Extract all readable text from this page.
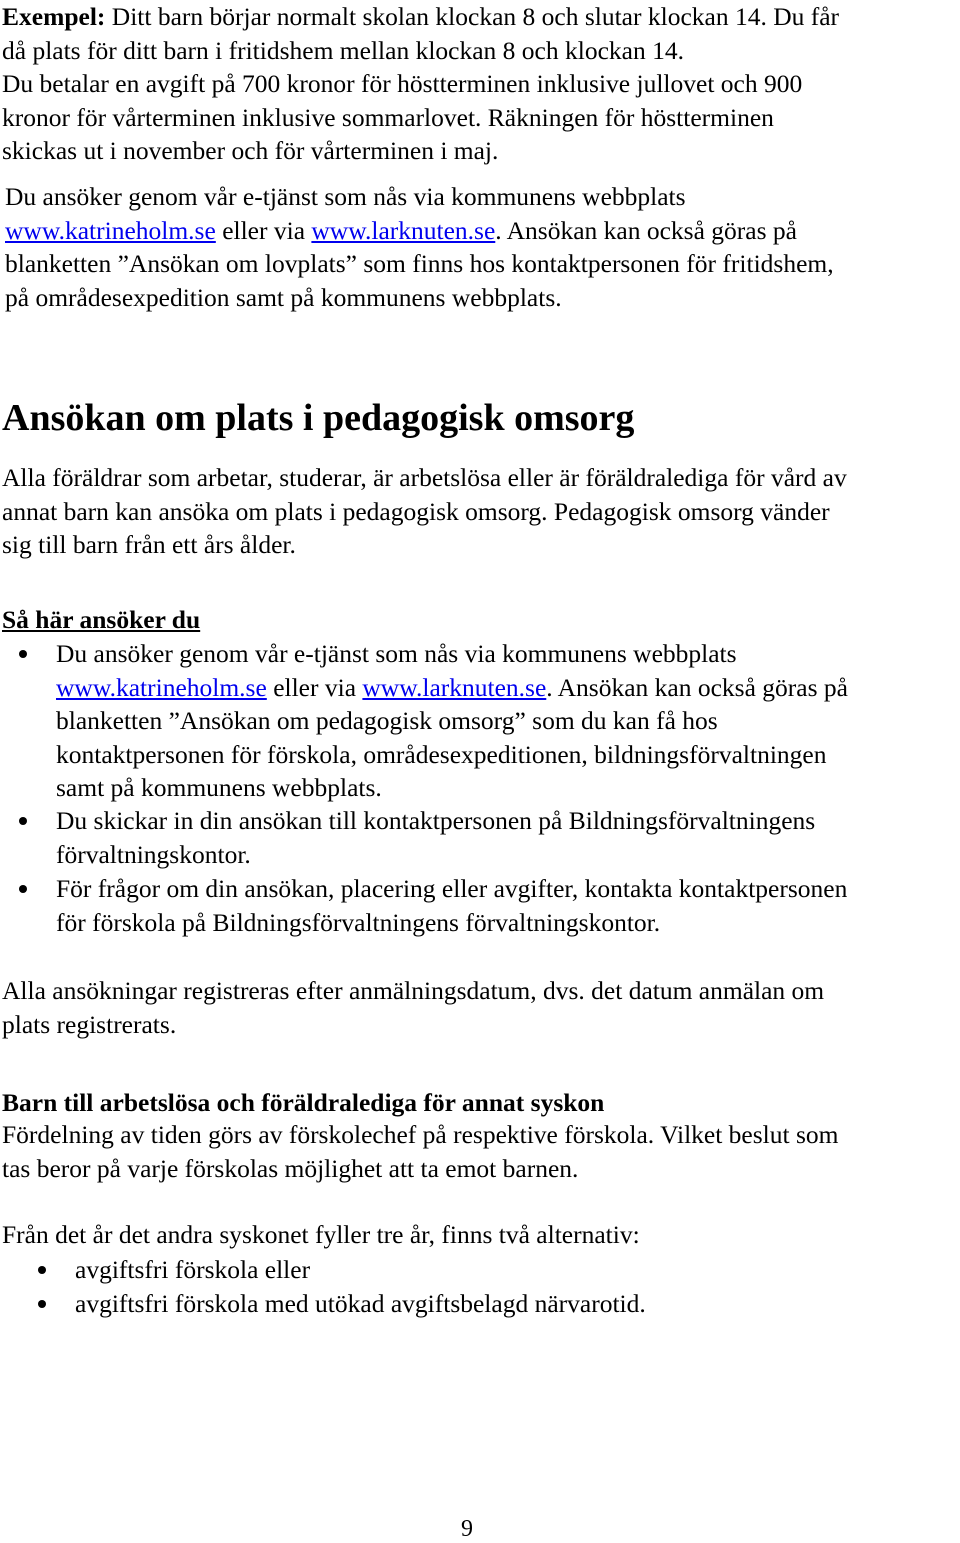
Exempel: Ditt barn börjar normalt skolan klockan 8 och slutar klockan 14. Du får
då plats för ditt barn i fritidshem mellan klockan 8 och klockan 14.
Du betalar en avgift på 700 kronor för höstterminen inklusive jullovet och 900
kronor för vårterminen inklusive sommarlovet. Räkningen för höstterminen
skickas ut i november och för vårterminen i maj.
Du ansöker genom vår e-tjänst som nås via kommunens webbplats
www.katrineholm.se eller via www.larknuten.se. Ansökan kan också göras på
blanketten ”Ansökan om lovplats” som finns hos kontaktpersonen för fritidshem,
på områdesexpedition samt på kommunens webbplats.
Ansökan om plats i pedagogisk omsorg
Alla föräldrar som arbetar, studerar, är arbetslösa eller är föräldralediga för vård av
annat barn kan ansöka om plats i pedagogisk omsorg. Pedagogisk omsorg vänder
sig till barn från ett års ålder.
Så här ansöker du
Du ansöker genom vår e-tjänst som nås via kommunens webbplats
www.katrineholm.se eller via www.larknuten.se. Ansökan kan också göras på
blanketten ”Ansökan om pedagogisk omsorg” som du kan få hos
kontaktpersonen för förskola, områdesexpeditionen, bildningsförvaltningen
samt på kommunens webbplats.
Du skickar in din ansökan till kontaktpersonen på Bildningsförvaltningens
förvaltningskontor.
För frågor om din ansökan, placering eller avgifter, kontakta kontaktpersonen
för förskola på Bildningsförvaltningens förvaltningskontor.
Alla ansökningar registreras efter anmälningsdatum, dvs. det datum anmälan om
plats registrerats.
Barn till arbetslösa och föräldralediga för annat syskon
Fördelning av tiden görs av förskolechef på respektive förskola. Vilket beslut som
tas beror på varje förskolas möjlighet att ta emot barnen.
Från det år det andra syskonet fyller tre år, finns två alternativ:
avgiftsfri förskola eller
avgiftsfri förskola med utökad avgiftsbelagd närvarotid.
9
